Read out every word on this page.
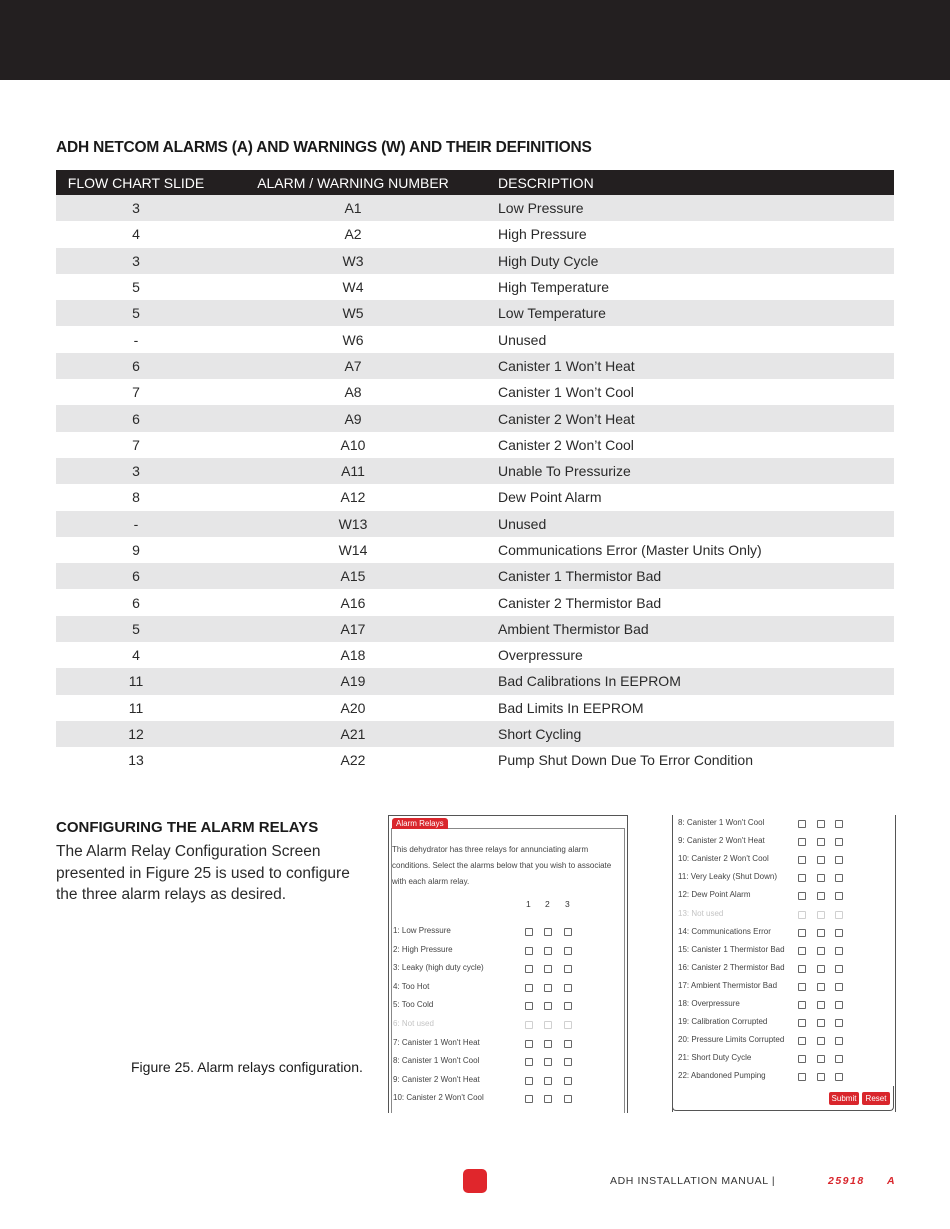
ADH NETCOM ALARMS (A) AND WARNINGS (W) AND THEIR DEFINITIONS
FLOW CHART SLIDE	ALARM / WARNING NUMBER	DESCRIPTION
3	A1	Low Pressure
4	A2	High Pressure
3	W3	High Duty Cycle
5	W4	High Temperature
5	W5	Low Temperature
-	W6	Unused
6	A7	Canister 1 Won’t Heat
7	A8	Canister 1 Won’t Cool
6	A9	Canister 2 Won’t Heat
7	A10	Canister 2 Won’t Cool
3	A11	Unable To Pressurize
8	A12	Dew Point Alarm
-	W13	Unused
9	W14	Communications Error (Master Units Only)
6	A15	Canister 1 Thermistor Bad
6	A16	Canister 2 Thermistor Bad
5	A17	Ambient Thermistor Bad
4	A18	Overpressure
11	A19	Bad Calibrations In EEPROM
11	A20	Bad Limits In EEPROM
12	A21	Short Cycling
13	A22	Pump Shut Down Due To Error Condition
CONFIGURING THE ALARM RELAYS

The Alarm Relay Configuration Screen presented in Figure 25 is used to configure the three alarm relays as desired.

Figure 25. Alarm relays configuration.
Alarm Relays
This dehydrator has three relays for annunciating alarm conditions. Select the alarms below that you wish to associate with each alarm relay.
1 2 3
1: Low Pressure
2: High Pressure
3: Leaky (high duty cycle)
4: Too Hot
5: Too Cold
6: Not used
7: Canister 1 Won't Heat
8: Canister 1 Won't Cool
9: Canister 2 Won't Heat
10: Canister 2 Won't Cool
8: Canister 1 Won't Cool
9: Canister 2 Won't Heat
10: Canister 2 Won't Cool
11: Very Leaky (Shut Down)
12: Dew Point Alarm
13: Not used
14: Communications Error
15: Canister 1 Thermistor Bad
16: Canister 2 Thermistor Bad
17: Ambient Thermistor Bad
18: Overpressure
19: Calibration Corrupted
20: Pressure Limits Corrupted
21: Short Duty Cycle
22: Abandoned Pumping
Submit	Reset
ADH INSTALLATION MANUAL |	25918 A
